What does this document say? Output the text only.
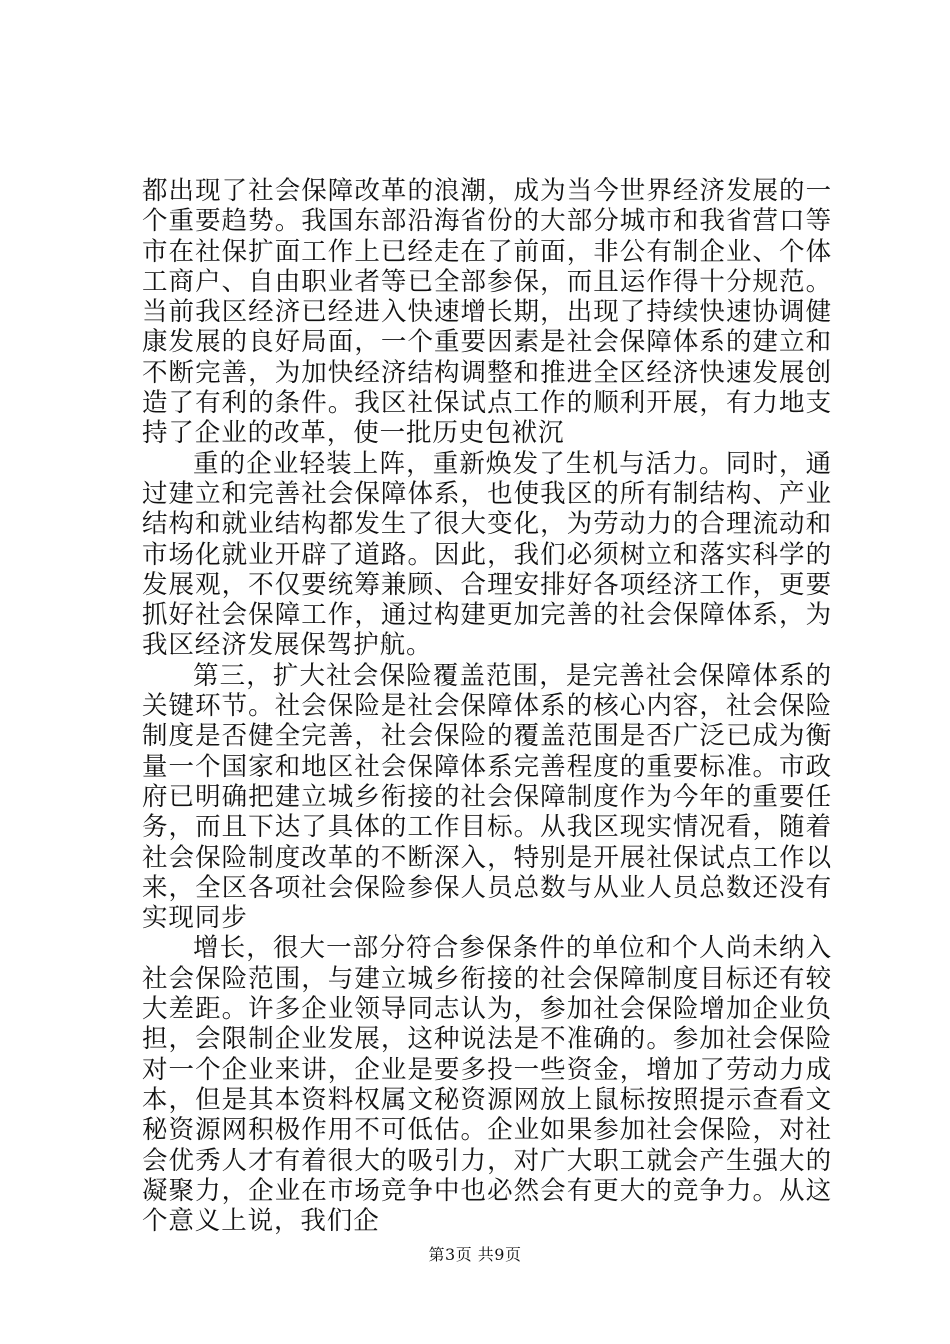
都出现了社会保障改革的浪潮，成为当今世界经济发展的一个重要趋势。我国东部沿海省份的大部分城市和我省营口等市在社保扩面工作上已经走在了前面，非公有制企业、个体工商户、自由职业者等已全部参保，而且运作得十分规范。当前我区经济已经进入快速增长期，出现了持续快速协调健康发展的良好局面，一个重要因素是社会保障体系的建立和不断完善，为加快经济结构调整和推进全区经济快速发展创造了有利的条件。我区社保试点工作的顺利开展，有力地支持了企业的改革，使一批历史包袱沉

重的企业轻装上阵，重新焕发了生机与活力。同时，通过建立和完善社会保障体系，也使我区的所有制结构、产业结构和就业结构都发生了很大变化，为劳动力的合理流动和市场化就业开辟了道路。因此，我们必须树立和落实科学的发展观，不仅要统筹兼顾、合理安排好各项经济工作，更要抓好社会保障工作，通过构建更加完善的社会保障体系，为我区经济发展保驾护航。

第三，扩大社会保险覆盖范围，是完善社会保障体系的关键环节。社会保险是社会保障体系的核心内容，社会保险制度是否健全完善，社会保险的覆盖范围是否广泛已成为衡量一个国家和地区社会保障体系完善程度的重要标准。市政府已明确把建立城乡衔接的社会保障制度作为今年的重要任务，而且下达了具体的工作目标。从我区现实情况看，随着社会保险制度改革的不断深入，特别是开展社保试点工作以来，全区各项社会保险参保人员总数与从业人员总数还没有实现同步

增长，很大一部分符合参保条件的单位和个人尚未纳入社会保险范围，与建立城乡衔接的社会保障制度目标还有较大差距。许多企业领导同志认为，参加社会保险增加企业负担，会限制企业发展，这种说法是不准确的。参加社会保险对一个企业来讲，企业是要多投一些资金，增加了劳动力成本，但是其本资料权属文秘资源网放上鼠标按照提示查看文秘资源网积极作用不可低估。企业如果参加社会保险，对社会优秀人才有着很大的吸引力，对广大职工就会产生强大的凝聚力，企业在市场竞争中也必然会有更大的竞争力。从这个意义上说，我们企

第3页 共9页
